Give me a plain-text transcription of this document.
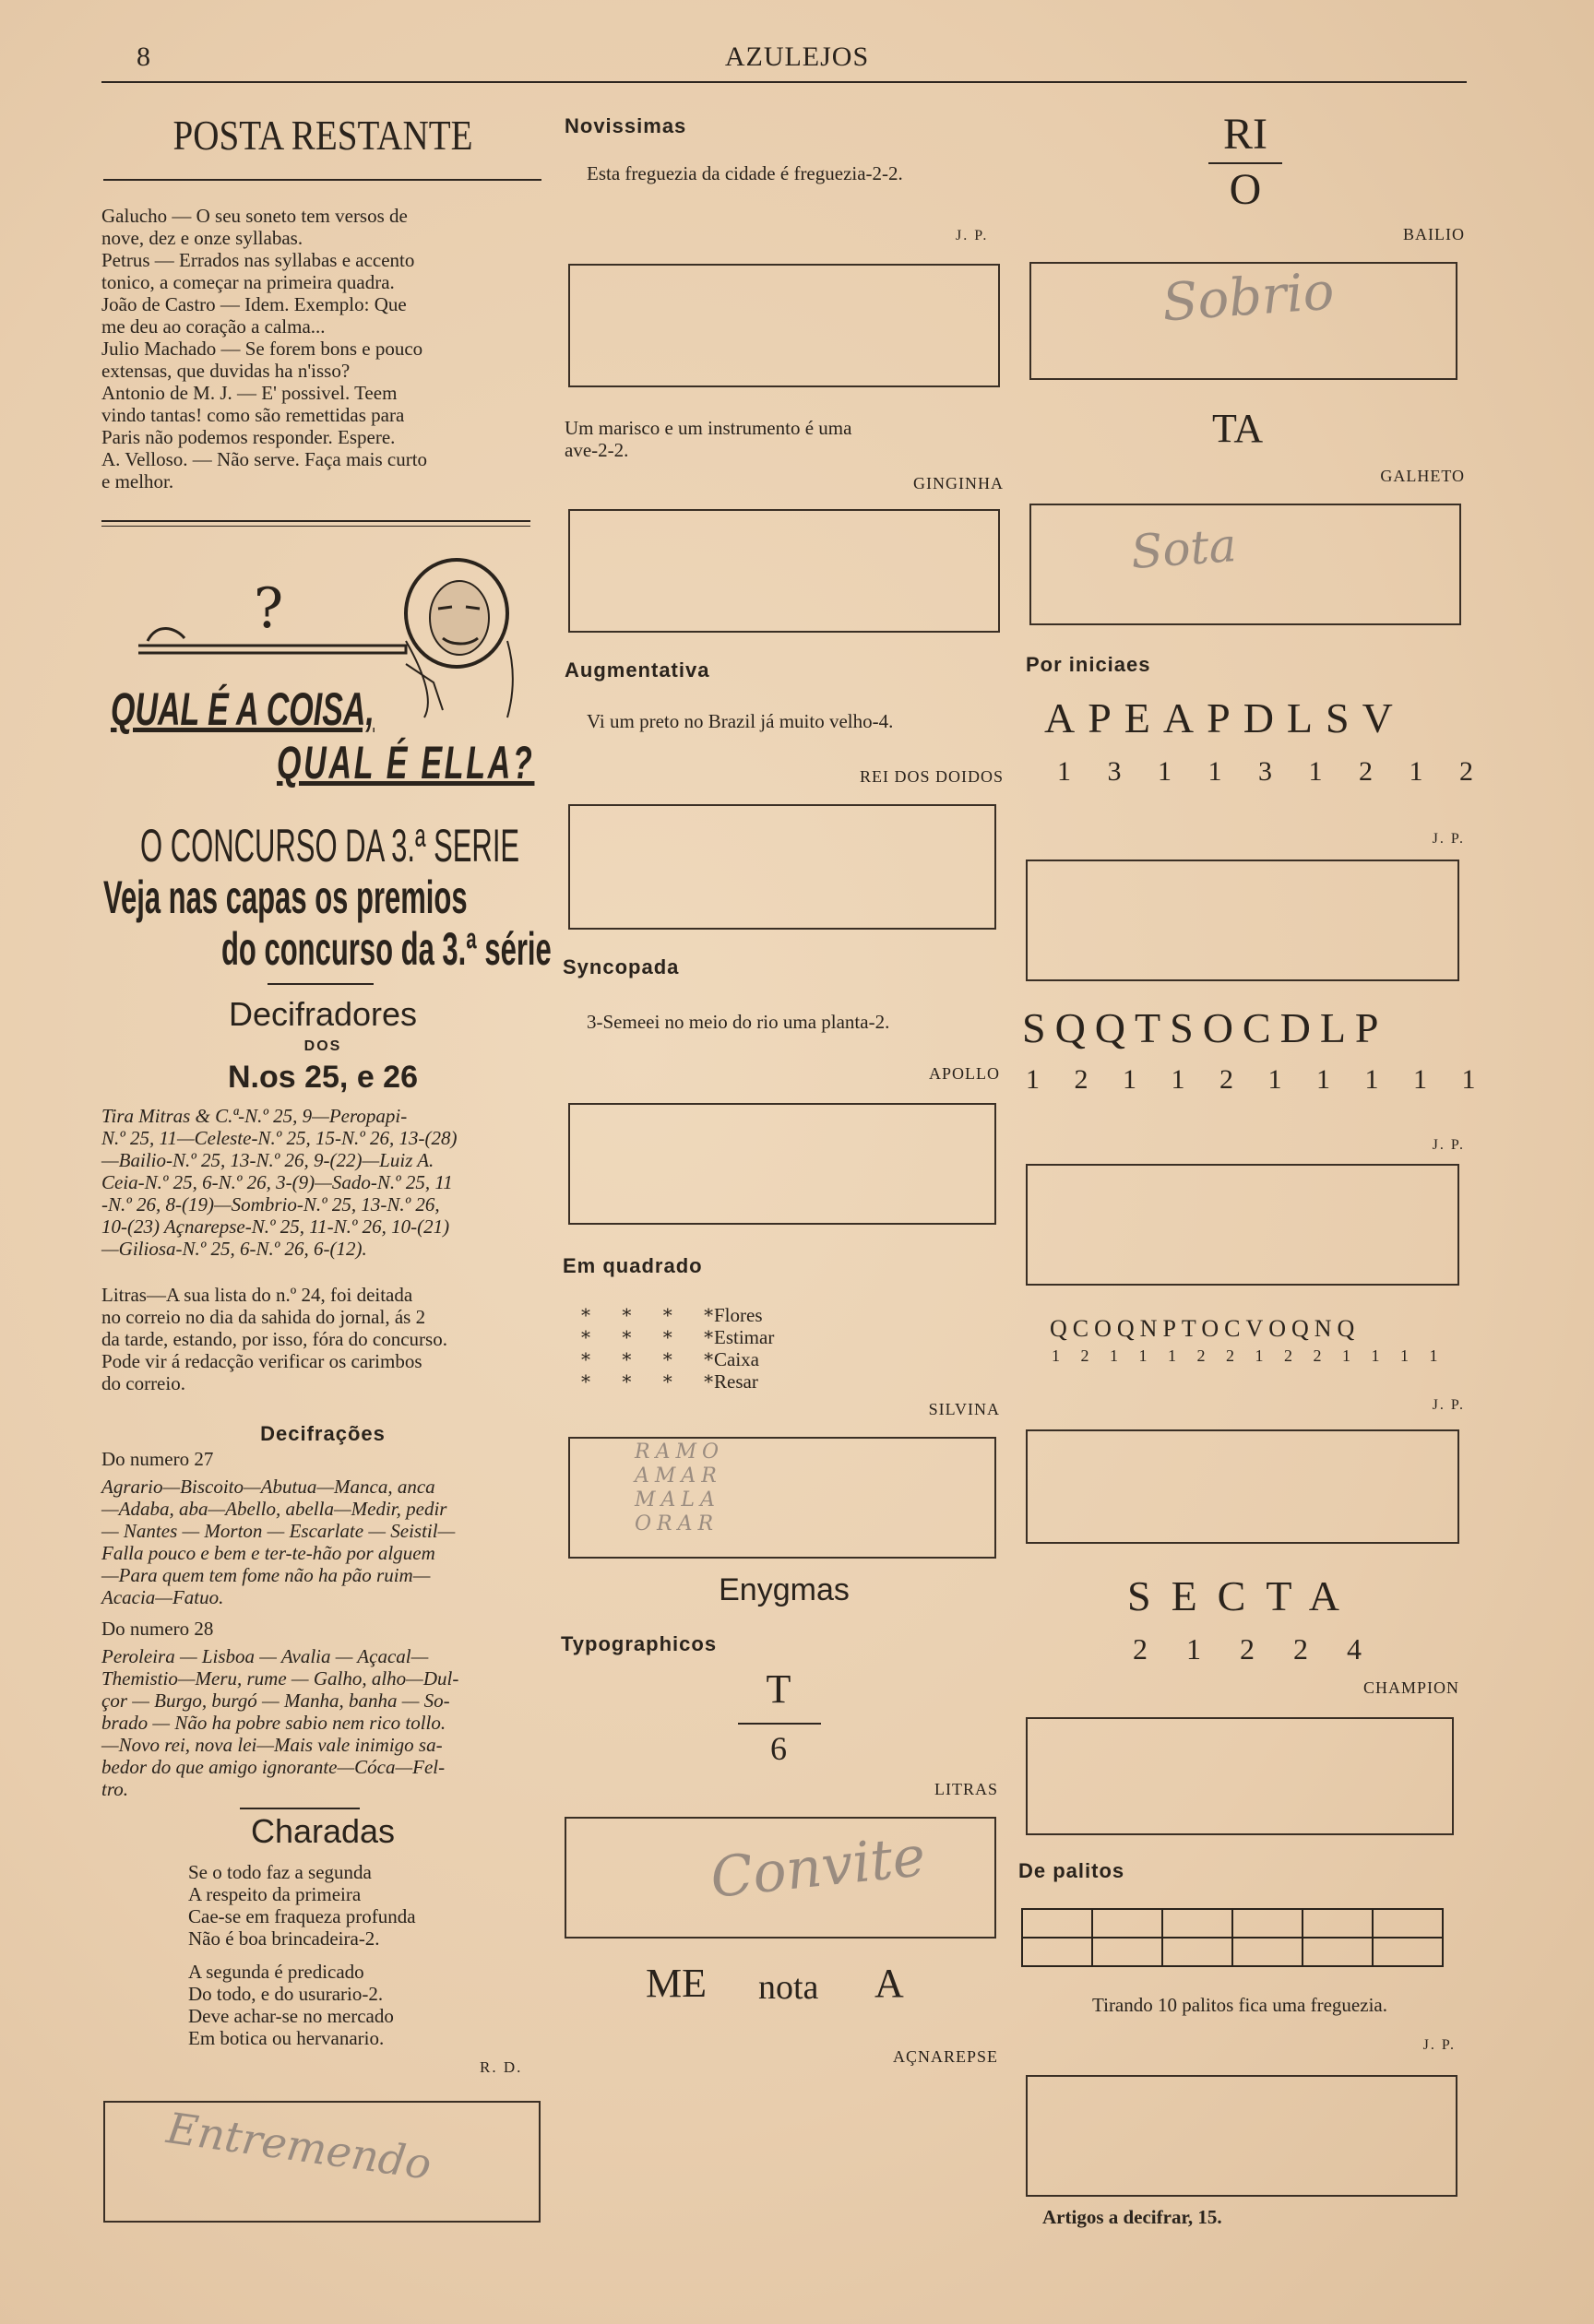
8	AZULEJOS
POSTA RESTANTE
Galucho — O seu soneto tem versos de
nove, dez e onze syllabas.
Petrus — Errados nas syllabas e accento
tonico, a começar na primeira quadra.
João de Castro — Idem. Exemplo: Que
me deu ao coração a calma...
Julio Machado — Se forem bons e pouco
extensas, que duvidas ha n'isso?
Antonio de M. J. — E' possivel. Teem
vindo tantas! como são remettidas para
Paris não podemos responder. Espere.
A. Velloso. — Não serve. Faça mais curto
e melhor.
?
QUAL É A COISA,
QUAL É ELLA?
O CONCURSO DA 3.ª SERIE
Veja nas capas os premios
do concurso da 3.ª série
Decifradores
DOS
N.os 25, e 26
Tira Mitras & C.ª-N.º 25, 9—Peropapi-
N.º 25, 11—Celeste-N.º 25, 15-N.º 26, 13-(28)
—Bailio-N.º 25, 13-N.º 26, 9-(22)—Luiz A.
Ceia-N.º 25, 6-N.º 26, 3-(9)—Sado-N.º 25, 11
-N.º 26, 8-(19)—Sombrio-N.º 25, 13-N.º 26,
10-(23) Açnarepse-N.º 25, 11-N.º 26, 10-(21)
—Giliosa-N.º 25, 6-N.º 26, 6-(12).
Litras—A sua lista do n.º 24, foi deitada
no correio no dia da sahida do jornal, ás 2
da tarde, estando, por isso, fóra do concurso.
Pode vir á redacção verificar os carimbos
do correio.
Decifrações
Do numero 27
Agrario—Biscoito—Abutua—Manca, anca
—Adaba, aba—Abello, abella—Medir, pedir
— Nantes — Morton — Escarlate — Seistil—
Falla pouco e bem e ter-te-hão por alguem
—Para quem tem fome não ha pão ruim—
Acacia—Fatuo.
Do numero 28
Peroleira — Lisboa — Avalia — Açacal—
Themistio—Meru, rume — Galho, alho—Dul-
çor — Burgo, burgó — Manha, banha — So-
brado — Não ha pobre sabio nem rico tollo.
—Novo rei, nova lei—Mais vale inimigo sa-
bedor do que amigo ignorante—Cóca—Fel-
tro.
Charadas
Se o todo faz a segunda
A respeito da primeira
Cae-se em fraqueza profunda
Não é boa brincadeira-2.
A segunda é predicado
Do todo, e do usurario-2.
Deve achar-se no mercado
Em botica ou hervanario.
R. D.
Entremendo
Novissimas
Esta freguezia da cidade é freguezia-2-2.
J. P.
Um marisco e um instrumento é uma
ave-2-2.
GINGINHA
Augmentativa
Vi um preto no Brazil já muito velho-4.
REI DOS DOIDOS
Syncopada
3-Semeei no meio do rio uma planta-2.
APOLLO
Em quadrado
* * * *
* * * *
* * * *
* * * *
Flores
Estimar
Caixa
Resar
SILVINA
RAMO
AMAR
MALA
ORAR
Enygmas
Typographicos
T
6
LITRAS
Convite
ME nota A
AÇNAREPSE
RI
O
BAILIO
Sobrio
TA
GALHETO
Sota
Por iniciaes
APEAPDLSV
1 3 1 1 3 1 2 1 2
J. P.
SQQTSOCDLP
1 2 1 1 2 1 1 1 1 1
J. P.
QCOQNPTOCVOQNQ
1 2 1 1 1 2 2 1 2 2 1 1 1 1
J. P.
SECTA
2 1 2 2 4
CHAMPION
De palitos
Tirando 10 palitos fica uma freguezia.
J. P.
Artigos a decifrar, 15.
